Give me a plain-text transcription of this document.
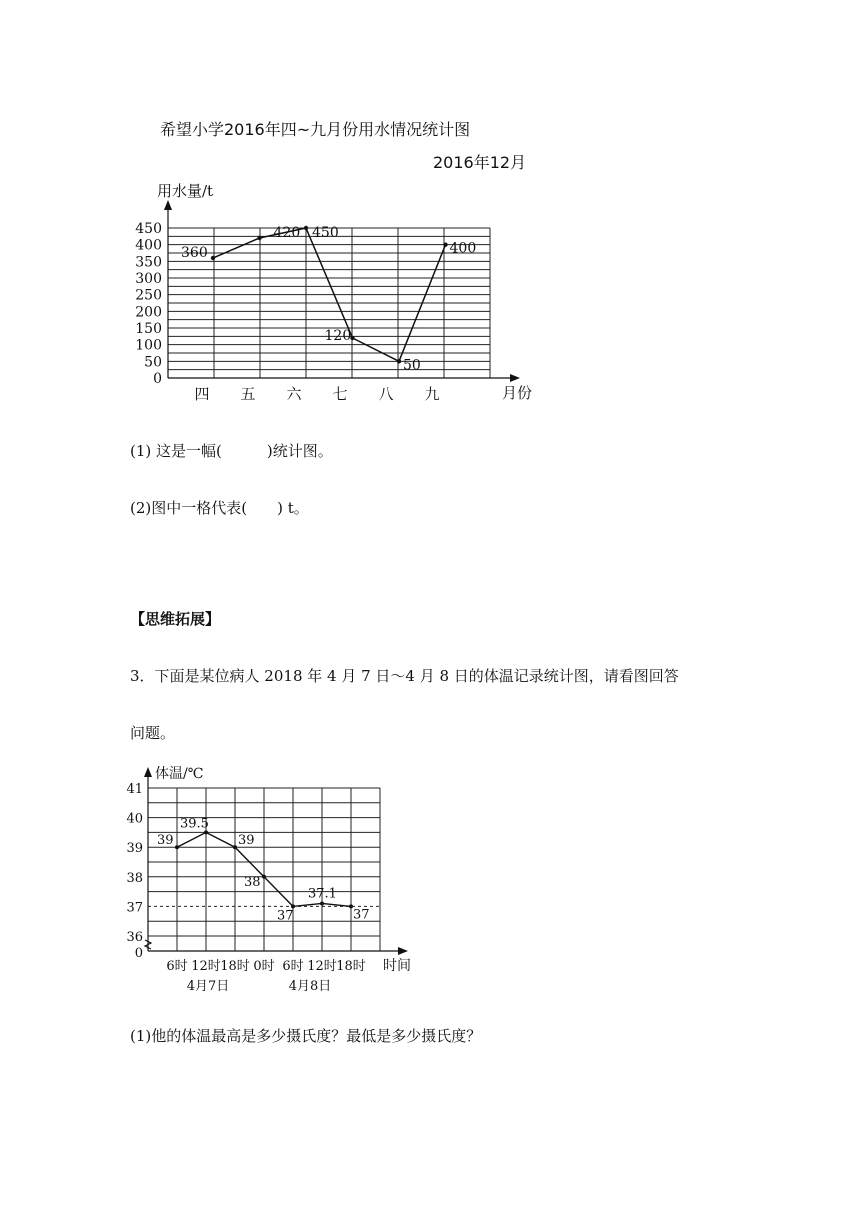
希望小学2016年四~九月份用水情况统计图
2016年12月
0
50
100
150
200
250
300
350
400
450
四 五 六 七 八 九
360
420 450
120
50
400
用水量/t
月份
(1) 这是一幅(　　　)统计图。
(2)图中一格代表(　　) t。
【思维拓展】
3．下面是某位病人 2018 年 4 月 7 日～4 月 8 日的体温记录统计图，请看图回答
问题。
0
36
37
38
39
40
41
6时 12时 18时 0时 6时 12时 18时
39
39.5
39
38
37
37.1
37
体温/℃
时间
4月7日	4月8日
(1)他的体温最高是多少摄氏度？最低是多少摄氏度？
